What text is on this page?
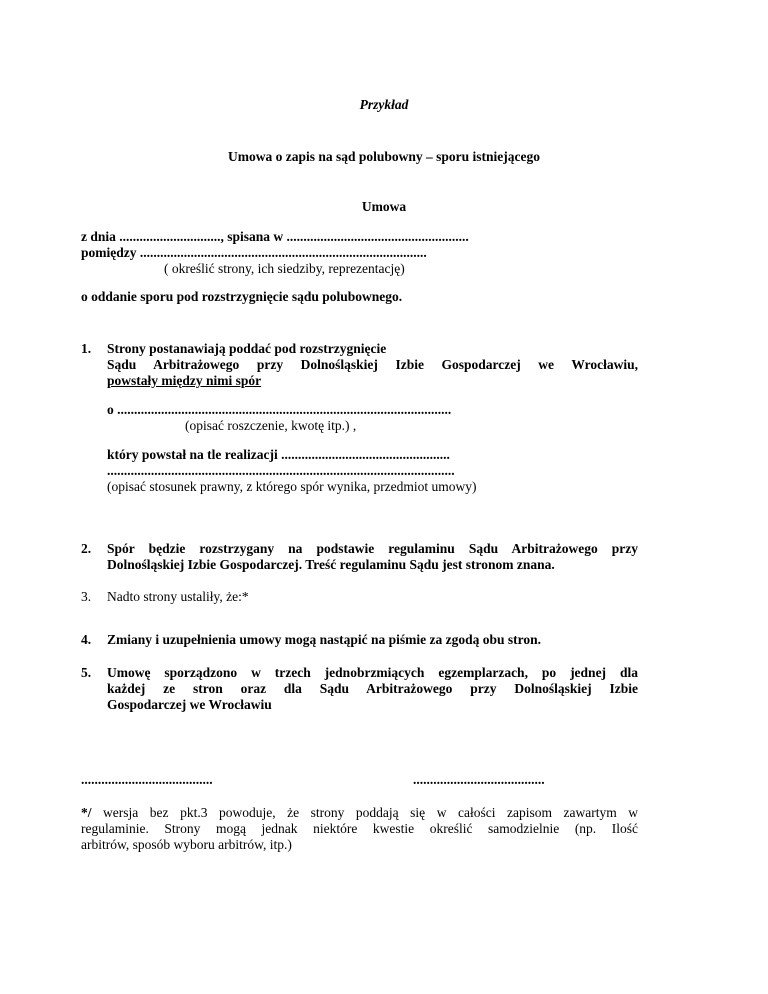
Przykład
Umowa o zapis na sąd polubowny – sporu istniejącego
Umowa
z dnia .............................., spisana w ......................................................
pomiędzy .....................................................................................
( określić strony, ich siedziby, reprezentację)
o oddanie sporu pod rozstrzygnięcie sądu polubownego.
1. Strony postanawiają poddać pod rozstrzygnięcie
Sądu Arbitrażowego przy Dolnośląskiej Izbie Gospodarczej we Wrocławiu,
powstały między nimi spór
o ...................................................................................................
(opisać roszczenie, kwotę itp.) ,
który powstał na tle realizacji ..................................................
.......................................................................................................
(opisać stosunek prawny, z którego spór wynika, przedmiot umowy)
2. Spór będzie rozstrzygany na podstawie regulaminu Sądu Arbitrażowego przy
Dolnośląskiej Izbie Gospodarczej. Treść regulaminu Sądu jest stronom znana.
3. Nadto strony ustaliły, że:*
4. Zmiany i uzupełnienia umowy mogą nastąpić na piśmie za zgodą obu stron.
5. Umowę sporządzono w trzech jednobrzmiących egzemplarzach, po jednej dla
każdej ze stron oraz dla Sądu Arbitrażowego przy Dolnośląskiej Izbie
Gospodarczej we Wrocławiu
.......................................	.......................................
*/ wersja bez pkt.3 powoduje, że strony poddają się w całości zapisom zawartym w
regulaminie. Strony mogą jednak niektóre kwestie określić samodzielnie (np. Ilość
arbitrów, sposób wyboru arbitrów, itp.)
